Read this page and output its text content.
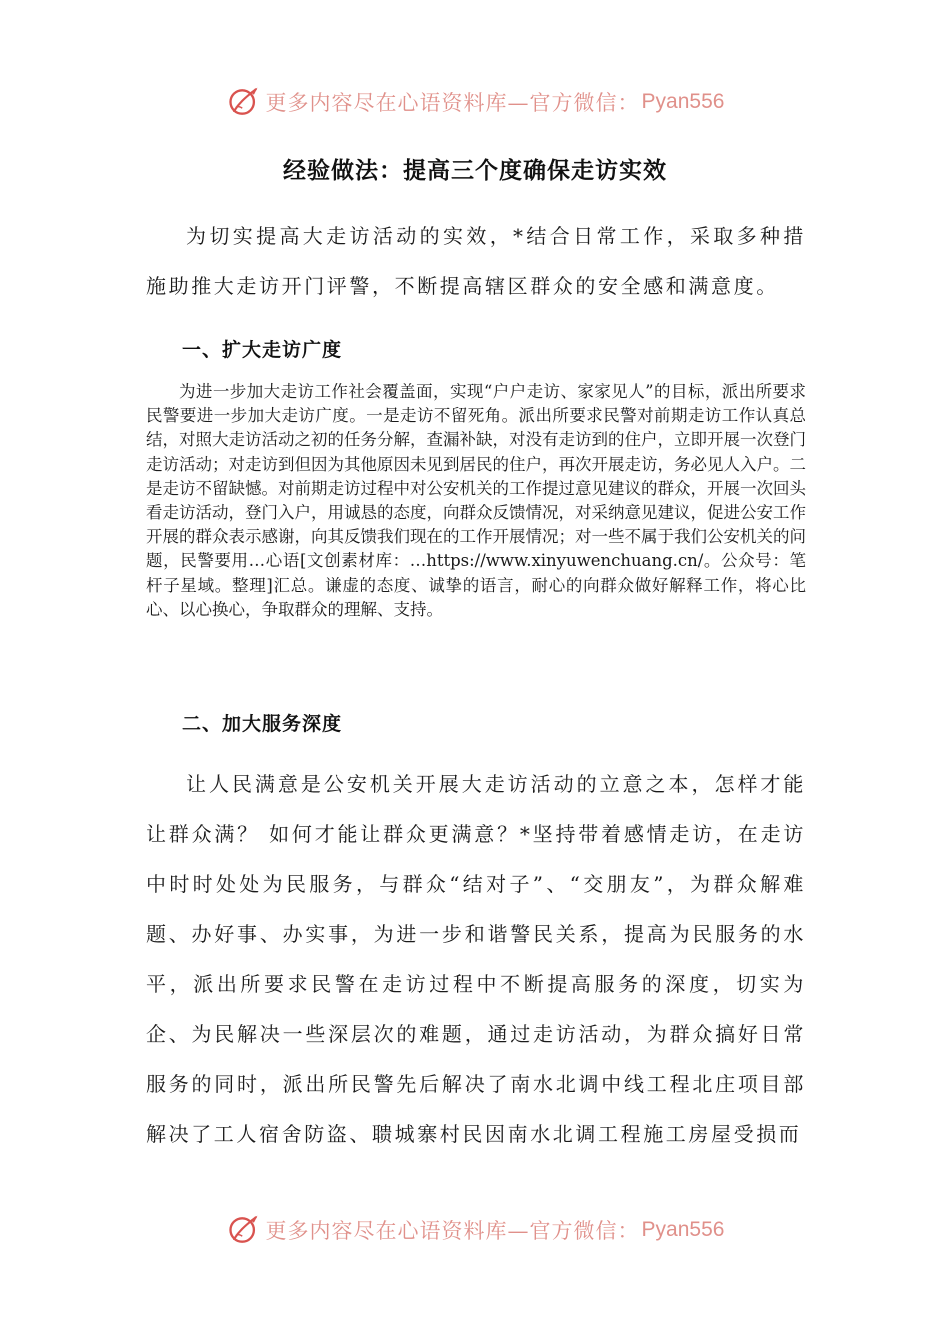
更多内容尽在心语资料库—官方微信： Pyan556
经验做法：提高三个度确保走访实效

为切实提高大走访活动的实效，*结合日常工作，采取多种措施助推大走访开门评警，不断提高辖区群众的安全感和满意度。

一、扩大走访广度

为进一步加大走访工作社会覆盖面，实现“户户走访、家家见人”的目标，派出所要求民警要进一步加大走访广度。一是走访不留死角。派出所要求民警对前期走访工作认真总结，对照大走访活动之初的任务分解，查漏补缺，对没有走访到的住户，立即开展一次登门走访活动；对走访到但因为其他原因未见到居民的住户，再次开展走访，务必见人入户。二是走访不留缺憾。对前期走访过程中对公安机关的工作提过意见建议的群众，开展一次回头看走访活动，登门入户，用诚恳的态度，向群众反馈情况，对采纳意见建议，促进公安工作开展的群众表示感谢，向其反馈我们现在的工作开展情况；对一些不属于我们公安机关的问题，民警要用…心语[文创素材库：…https://www.xinyuwenchuang.cn/。公众号：笔杆子星域。整理]汇总。谦虚的态度、诚挚的语言，耐心的向群众做好解释工作，将心比心、以心换心，争取群众的理解、支持。

二、加大服务深度

让人民满意是公安机关开展大走访活动的立意之本，怎样才能让群众满？ 如何才能让群众更满意？*坚持带着感情走访，在走访中时时处处为民服务，与群众“结对子”、“交朋友”，为群众解难题、办好事、办实事，为进一步和谐警民关系，提高为民服务的水平，派出所要求民警在走访过程中不断提高服务的深度，切实为企、为民解决一些深层次的难题，通过走访活动，为群众搞好日常服务的同时，派出所民警先后解决了南水北调中线工程北庄项目部解决了工人宿舍防盗、聩城寨村民因南水北调工程施工房屋受损而

更多内容尽在心语资料库—官方微信： Pyan556
